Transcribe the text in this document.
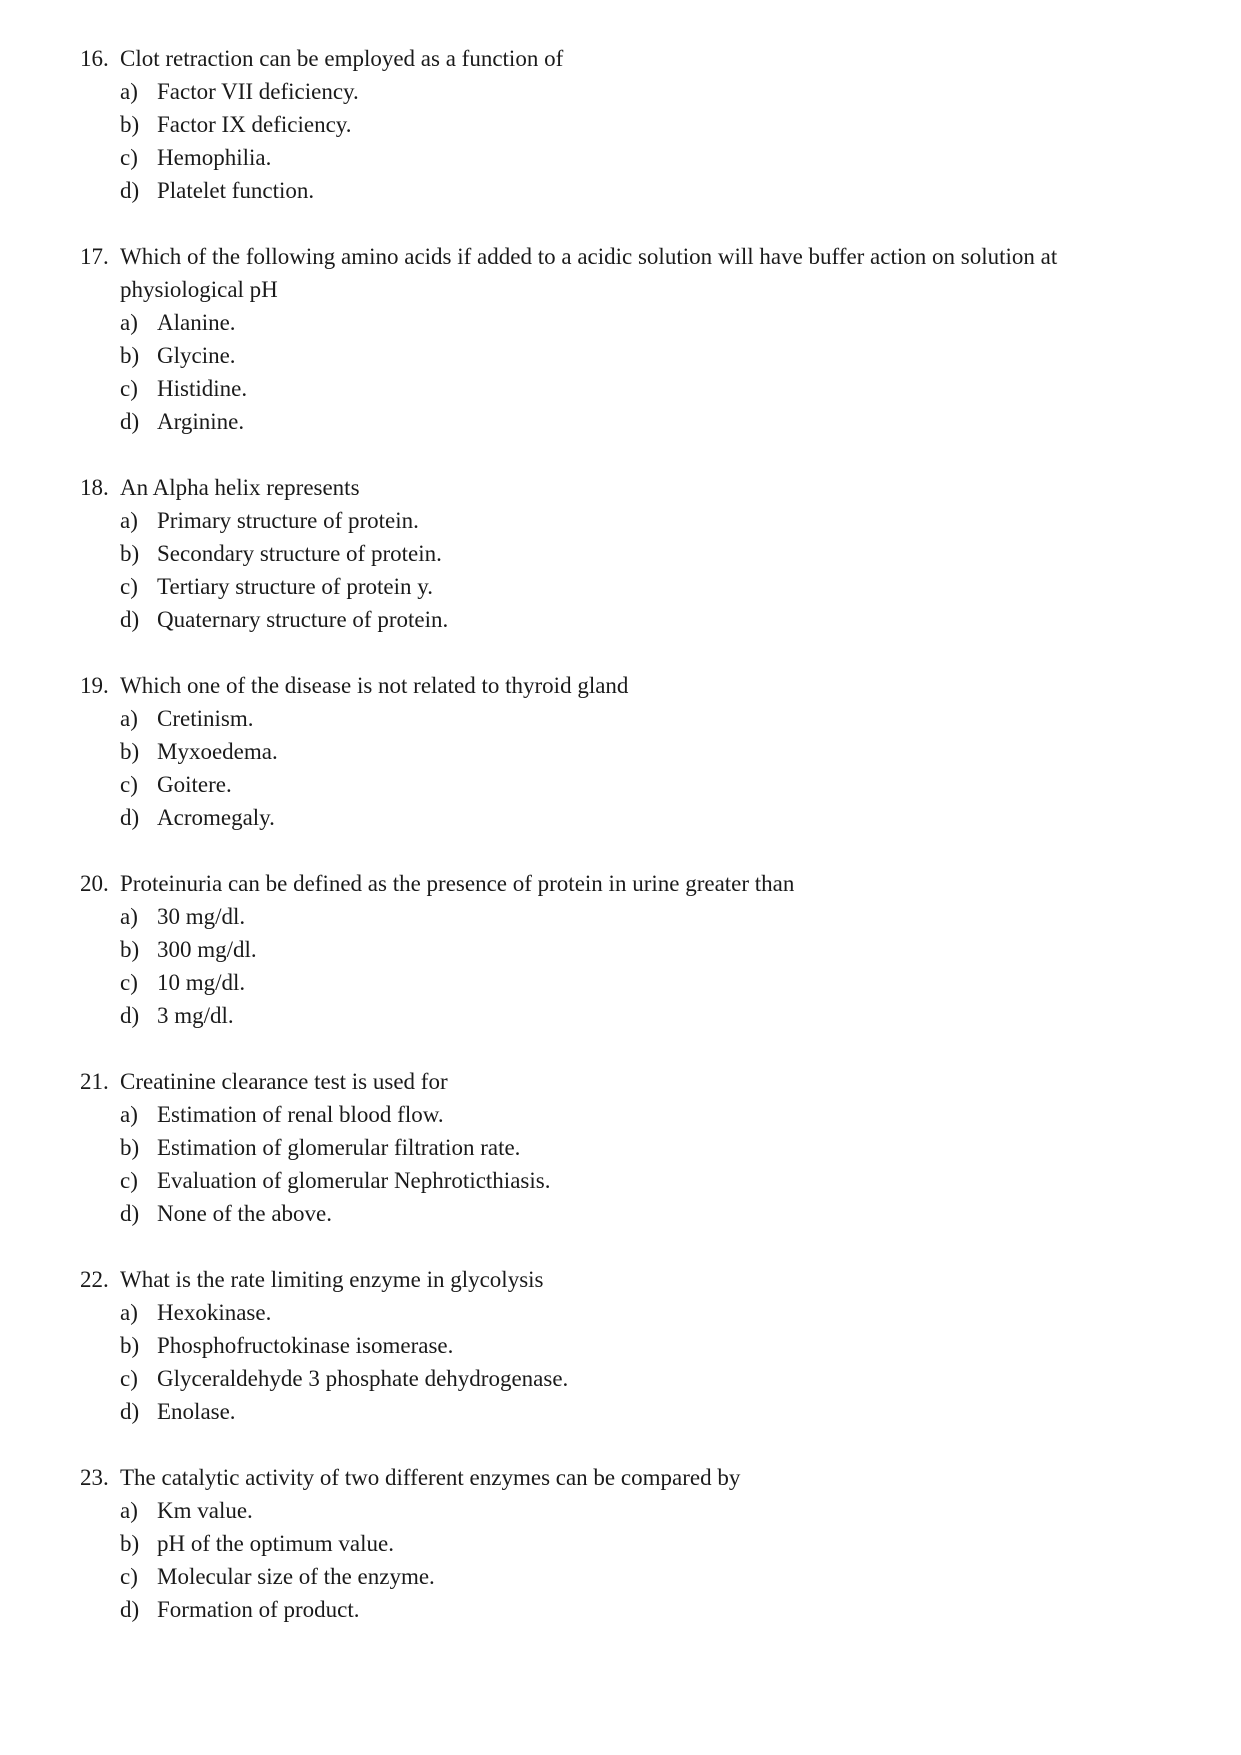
16. Clot retraction can be employed as a function of
a) Factor VII deficiency.
b) Factor IX deficiency.
c) Hemophilia.
d) Platelet function.
17. Which of the following amino acids if added to a acidic solution will have buffer action on solution at physiological pH
a) Alanine.
b) Glycine.
c) Histidine.
d) Arginine.
18. An Alpha helix represents
a) Primary structure of protein.
b) Secondary structure of protein.
c) Tertiary structure of protein y.
d) Quaternary structure of protein.
19. Which one of the disease is not related to thyroid gland
a) Cretinism.
b) Myxoedema.
c) Goitere.
d) Acromegaly.
20. Proteinuria can be defined as the presence of protein in urine greater than
a) 30 mg/dl.
b) 300 mg/dl.
c) 10 mg/dl.
d) 3 mg/dl.
21. Creatinine clearance test is used for
a) Estimation of renal blood flow.
b) Estimation of glomerular filtration rate.
c) Evaluation of glomerular Nephroticthiasis.
d) None of the above.
22. What is the rate limiting enzyme in glycolysis
a) Hexokinase.
b) Phosphofructokinase isomerase.
c) Glyceraldehyde 3 phosphate dehydrogenase.
d) Enolase.
23. The catalytic activity of two different enzymes can be compared by
a) Km value.
b) pH of the optimum value.
c) Molecular size of the enzyme.
d) Formation of product.
